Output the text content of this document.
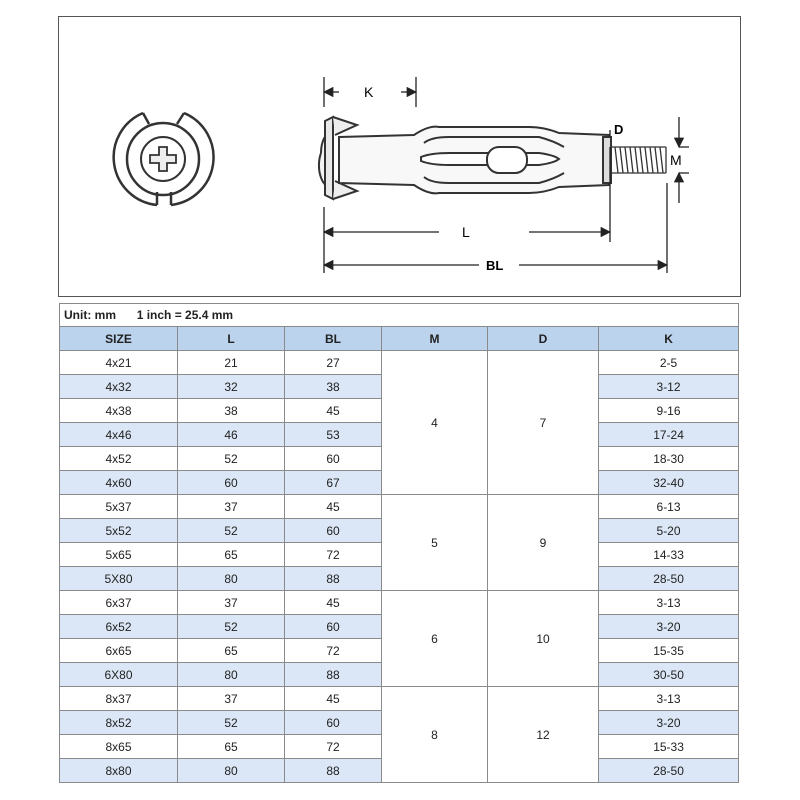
K
D
M
L
BL
Unit: mm 1 inch = 25.4 mm					
SIZE	L	BL	M	D	K
4x21	21	27	4	7	2-5
4x32	32	38			3-12
4x38	38	45			9-16
4x46	46	53			17-24
4x52	52	60			18-30
4x60	60	67			32-40
5x37	37	45	5	9	6-13
5x52	52	60			5-20
5x65	65	72			14-33
5X80	80	88			28-50
6x37	37	45	6	10	3-13
6x52	52	60			3-20
6x65	65	72			15-35
6X80	80	88			30-50
8x37	37	45	8	12	3-13
8x52	52	60			3-20
8x65	65	72			15-33
8x80	80	88			28-50
